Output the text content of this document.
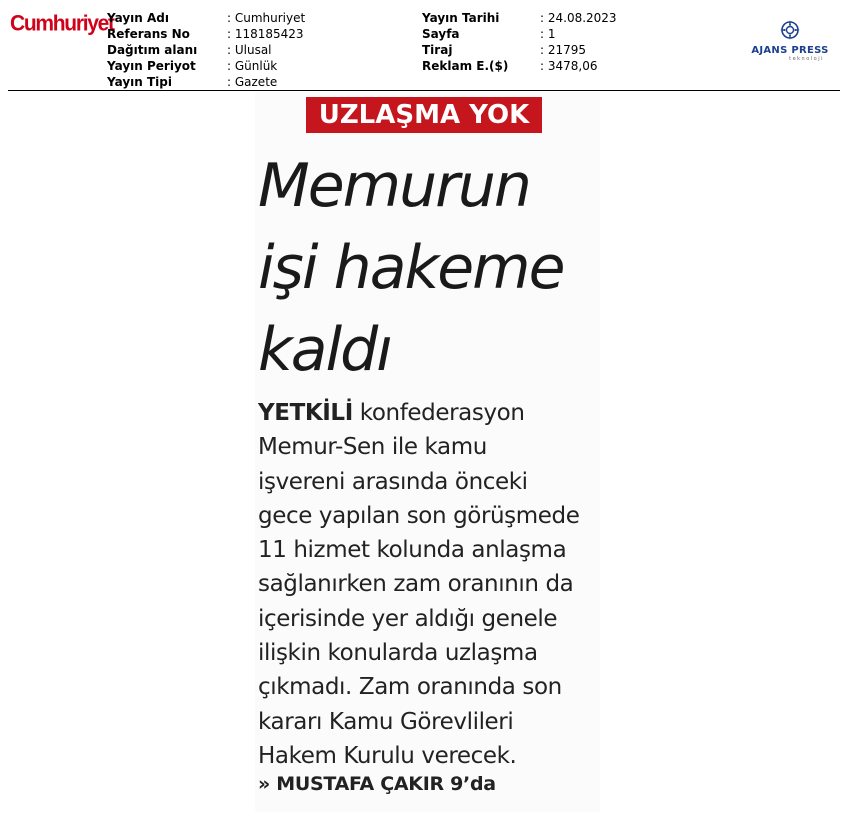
Cumhuriyet
Yayın Adı	: Cumhuriyet
Referans No	: 118185423
Dağıtım alanı	: Ulusal
Yayın Periyot	: Günlük
Yayın Tipi	: Gazete
Yayın Tarihi	: 24.08.2023
Sayfa	: 1
Tiraj	: 21795
Reklam E.($)	: 3478,06
AJANS PRESS
teknoloji
UZLAŞMA YOK
Memurun
işi hakeme
kaldı
YETKİLİ konfederasyon
Memur-Sen ile kamu
işvereni arasında önceki
gece yapılan son görüşmede
11 hizmet kolunda anlaşma
sağlanırken zam oranının da
içerisinde yer aldığı genele
ilişkin konularda uzlaşma
çıkmadı. Zam oranında son
kararı Kamu Görevlileri
Hakem Kurulu verecek.
» MUSTAFA ÇAKIR 9’da
